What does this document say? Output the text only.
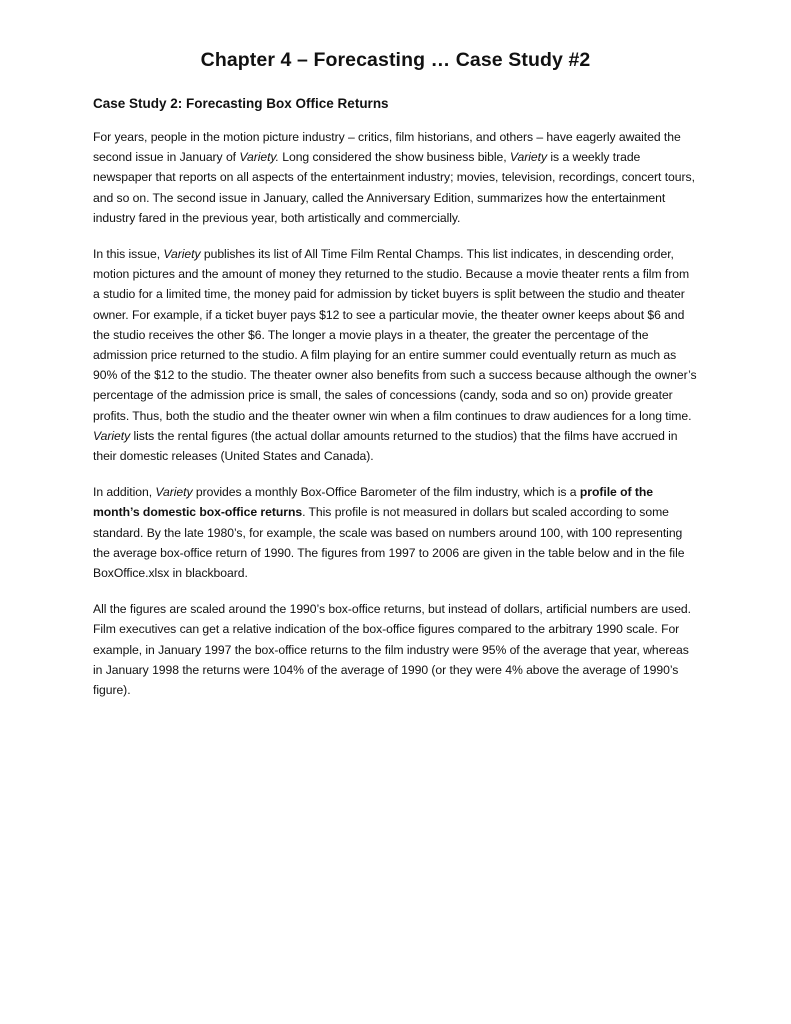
Chapter 4 – Forecasting … Case Study #2
Case Study 2: Forecasting Box Office Returns

For years, people in the motion picture industry – critics, film historians, and others – have eagerly awaited the second issue in January of Variety. Long considered the show business bible, Variety is a weekly trade newspaper that reports on all aspects of the entertainment industry; movies, television, recordings, concert tours, and so on. The second issue in January, called the Anniversary Edition, summarizes how the entertainment industry fared in the previous year, both artistically and commercially.

In this issue, Variety publishes its list of All Time Film Rental Champs. This list indicates, in descending order, motion pictures and the amount of money they returned to the studio. Because a movie theater rents a film from a studio for a limited time, the money paid for admission by ticket buyers is split between the studio and theater owner. For example, if a ticket buyer pays $12 to see a particular movie, the theater owner keeps about $6 and the studio receives the other $6. The longer a movie plays in a theater, the greater the percentage of the admission price returned to the studio. A film playing for an entire summer could eventually return as much as 90% of the $12 to the studio. The theater owner also benefits from such a success because although the owner’s percentage of the admission price is small, the sales of concessions (candy, soda and so on) provide greater profits. Thus, both the studio and the theater owner win when a film continues to draw audiences for a long time. Variety lists the rental figures (the actual dollar amounts returned to the studios) that the films have accrued in their domestic releases (United States and Canada).

In addition, Variety provides a monthly Box-Office Barometer of the film industry, which is a profile of the month’s domestic box-office returns. This profile is not measured in dollars but scaled according to some standard. By the late 1980’s, for example, the scale was based on numbers around 100, with 100 representing the average box-office return of 1990. The figures from 1997 to 2006 are given in the table below and in the file BoxOffice.xlsx in blackboard.

All the figures are scaled around the 1990’s box-office returns, but instead of dollars, artificial numbers are used. Film executives can get a relative indication of the box-office figures compared to the arbitrary 1990 scale. For example, in January 1997 the box-office returns to the film industry were 95% of the average that year, whereas in January 1998 the returns were 104% of the average of 1990 (or they were 4% above the average of 1990’s figure).
